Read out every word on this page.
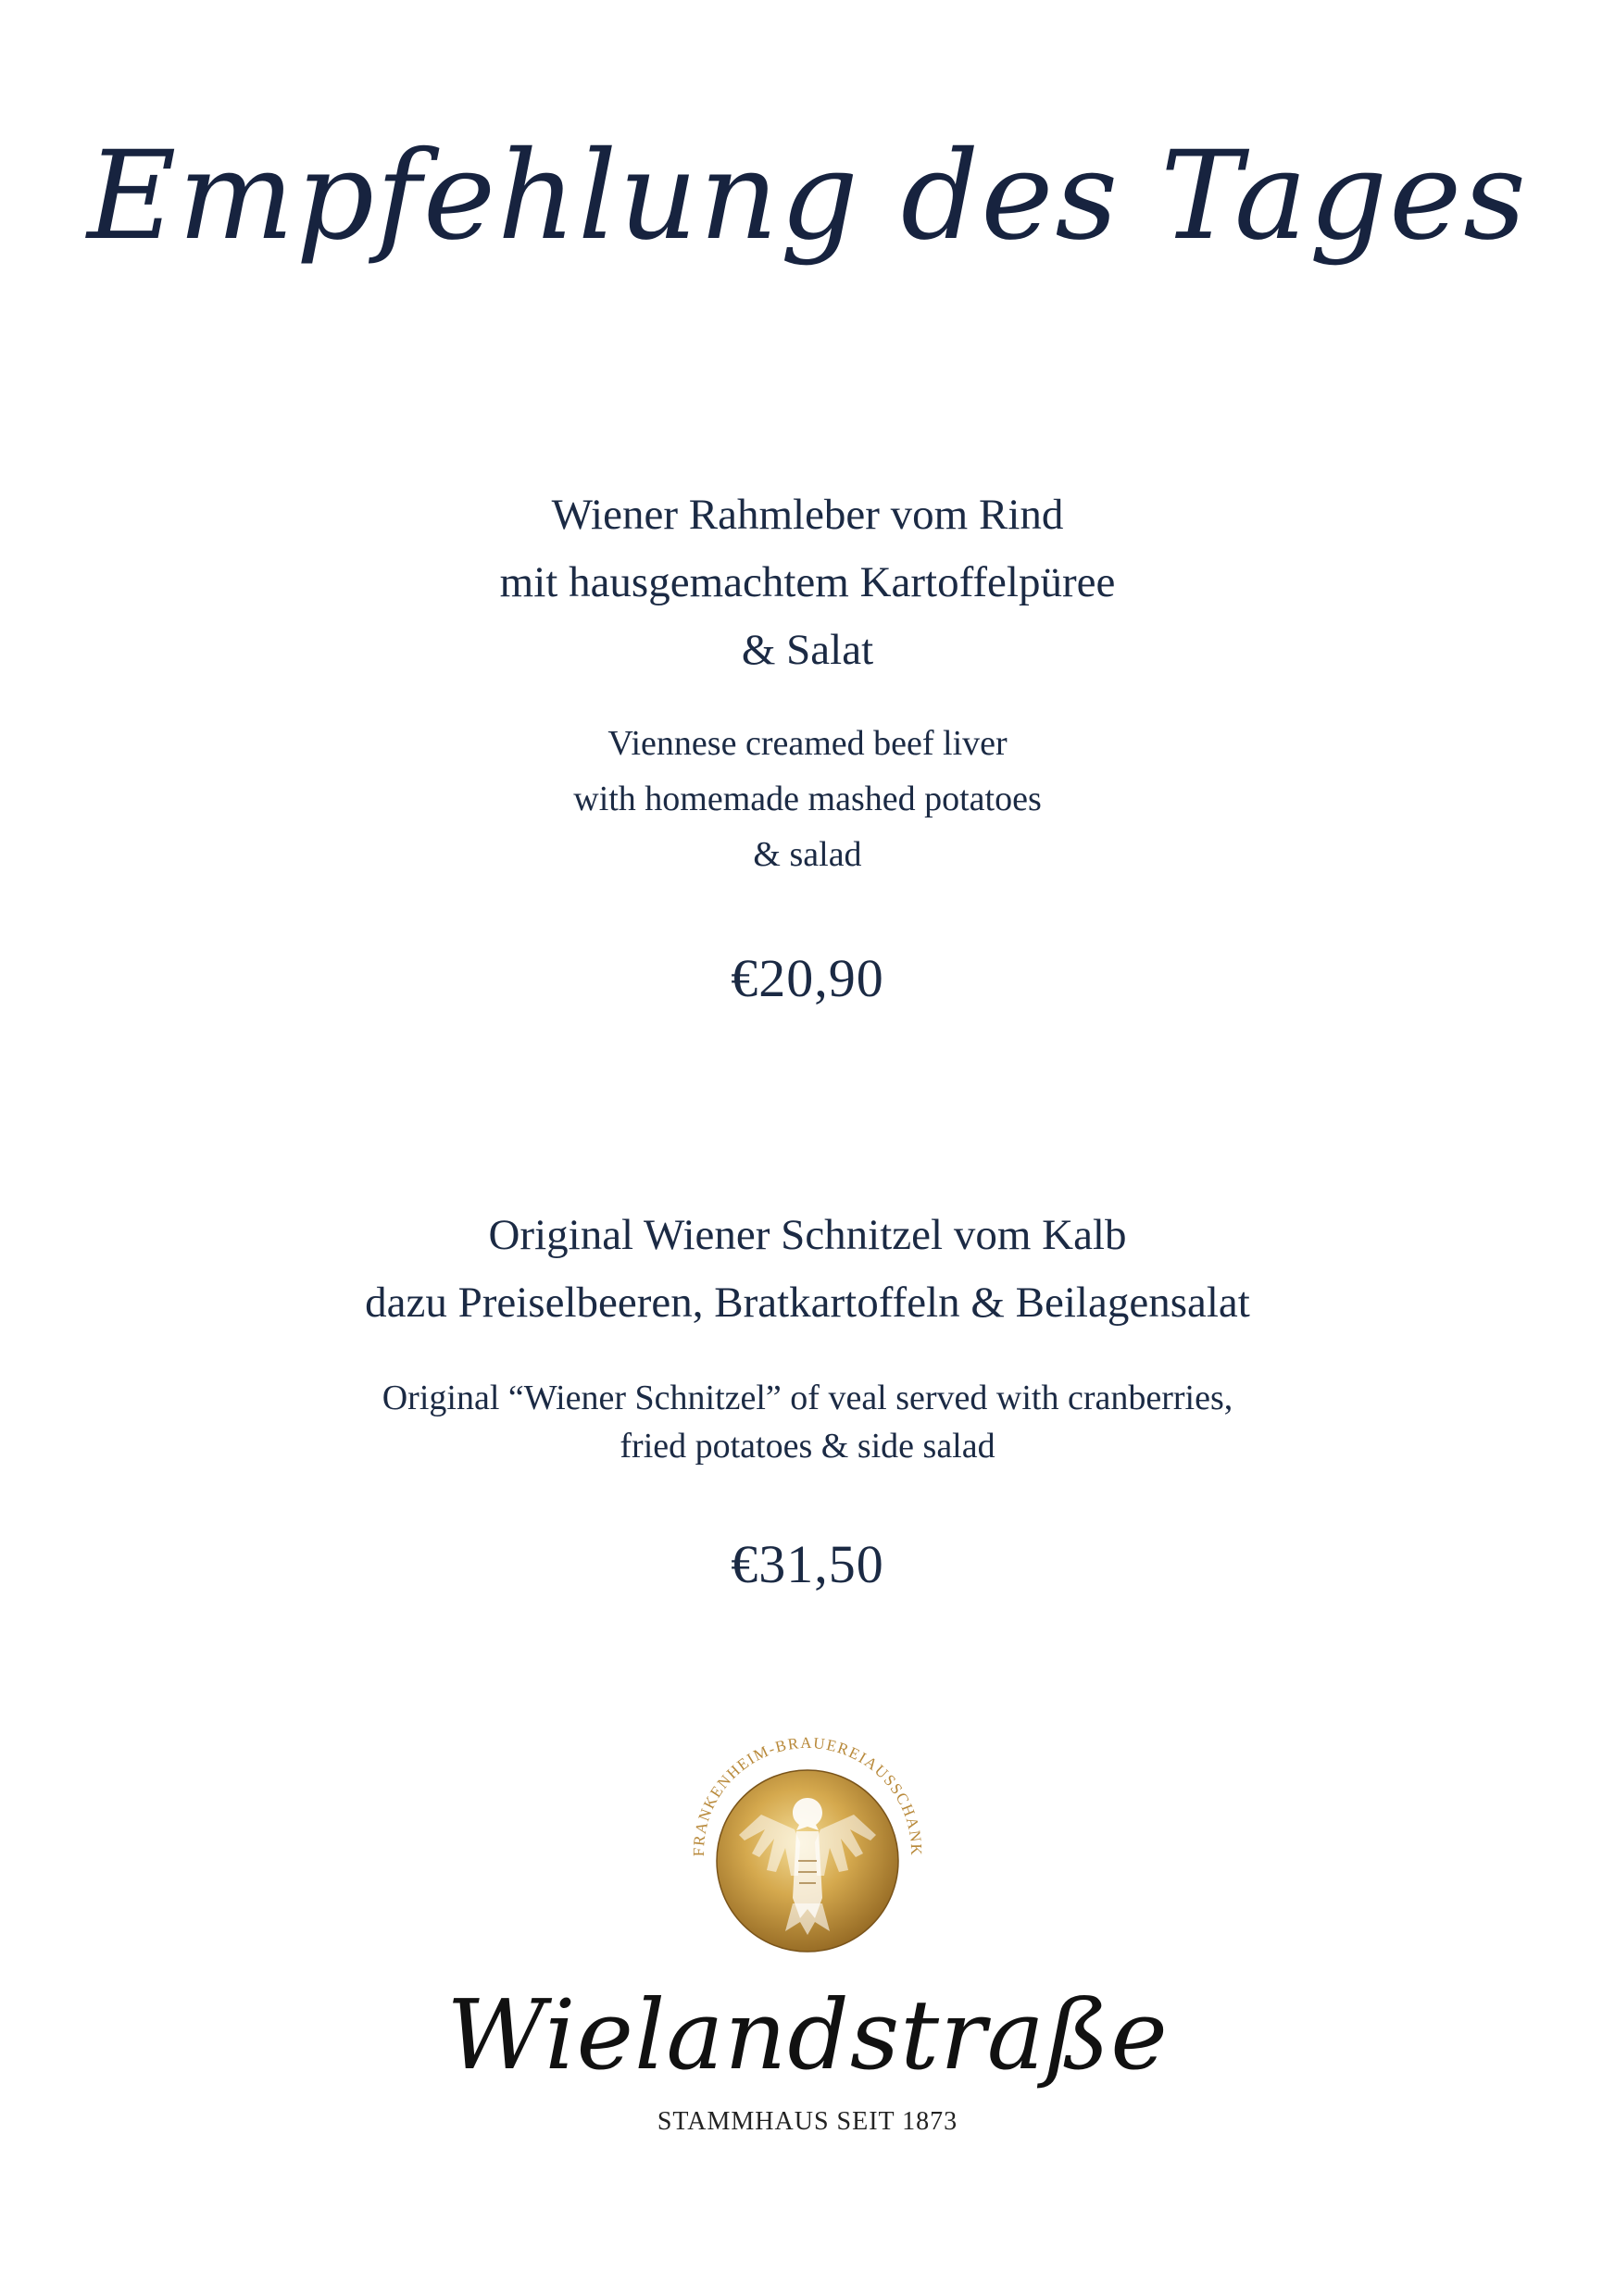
Empfehlung des Tages
Wiener Rahmleber vom Rind
mit hausgemachtem Kartoffelpüree
& Salat
Viennese creamed beef liver
with homemade mashed potatoes
& salad
€20,90
Original Wiener Schnitzel vom Kalb
dazu Preiselbeeren, Bratkartoffeln & Beilagensalat
Original “Wiener Schnitzel” of veal served with cranberries,
fried potatoes & side salad
€31,50
FRANKENHEIM-BRAUEREIAUSSCHANK
Wielandstraße
STAMMHAUS SEIT 1873
